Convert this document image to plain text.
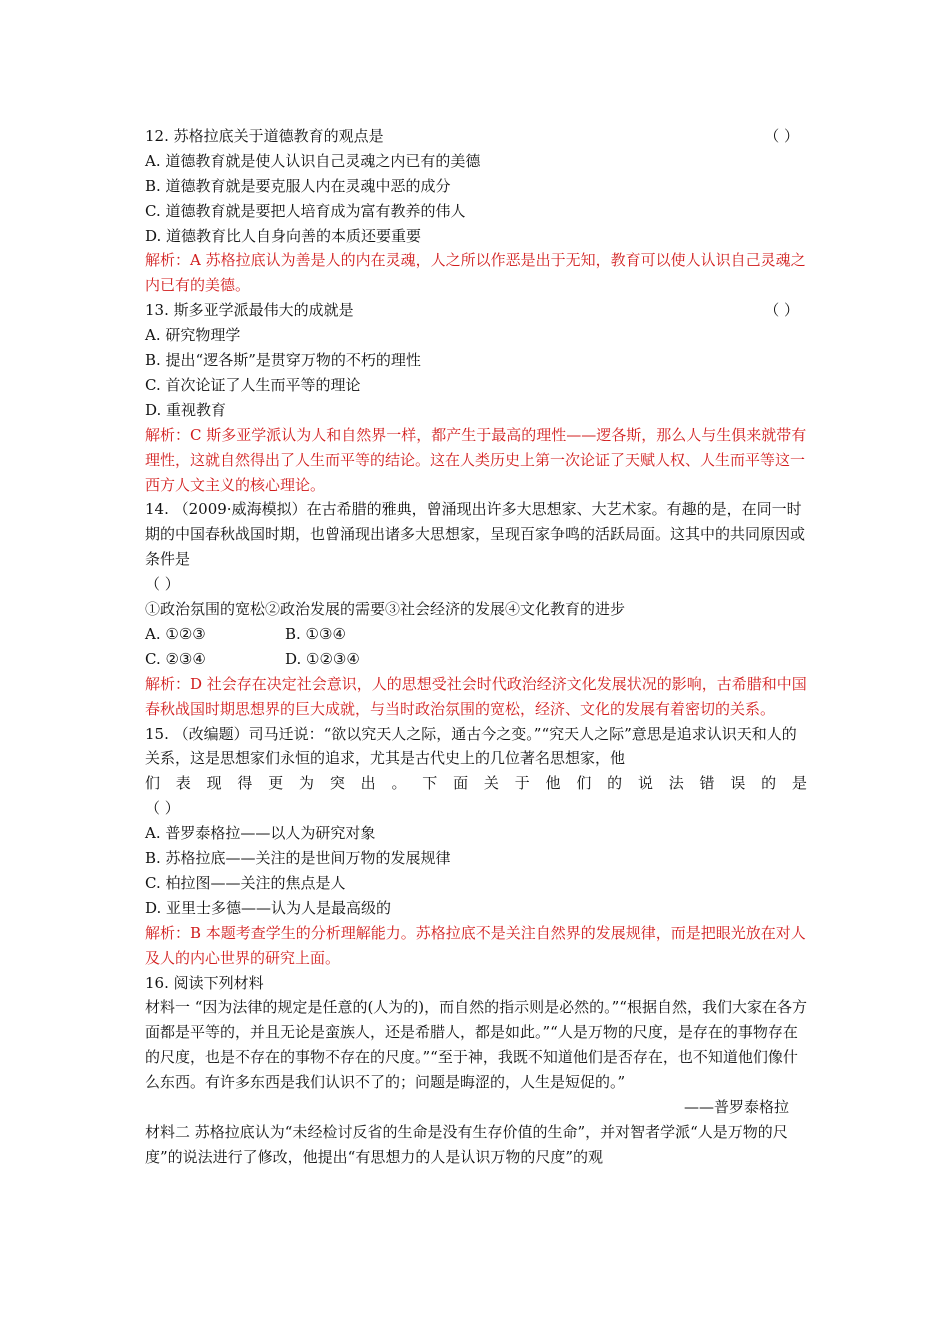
12. 苏格拉底关于道德教育的观点是	（ ）
A. 道德教育就是使人认识自己灵魂之内已有的美德
B. 道德教育就是要克服人内在灵魂中恶的成分
C. 道德教育就是要把人培育成为富有教养的伟人
D. 道德教育比人自身向善的本质还要重要
解析：A 苏格拉底认为善是人的内在灵魂，人之所以作恶是出于无知，教育可以使人认识自己灵魂之内已有的美德。
13. 斯多亚学派最伟大的成就是	（ ）
A. 研究物理学
B. 提出“逻各斯”是贯穿万物的不朽的理性
C. 首次论证了人生而平等的理论
D. 重视教育
解析：C 斯多亚学派认为人和自然界一样，都产生于最高的理性——逻各斯，那么人与生俱来就带有理性，这就自然得出了人生而平等的结论。这在人类历史上第一次论证了天赋人权、人生而平等这一西方人文主义的核心理论。
14. （2009·威海模拟）在古希腊的雅典，曾涌现出许多大思想家、大艺术家。有趣的是，在同一时期的中国春秋战国时期，也曾涌现出诸多大思想家，呈现百家争鸣的活跃局面。这其中的共同原因或条件是
（ ）
①政治氛围的宽松②政治发展的需要③社会经济的发展④文化教育的进步
A. ①②③	B. ①③④
C. ②③④	D. ①②③④
解析：D 社会存在决定社会意识，人的思想受社会时代政治经济文化发展状况的影响，古希腊和中国春秋战国时期思想界的巨大成就，与当时政治氛围的宽松，经济、文化的发展有着密切的关系。
15. （改编题）司马迁说：“欲以究天人之际，通古今之变。”“究天人之际”意思是追求认识天和人的关系，这是思想家们永恒的追求，尤其是古代史上的几位著名思想家，他
们表现得更为突出。下面关于他们的说法错误的是
（ ）
A. 普罗泰格拉——以人为研究对象
B. 苏格拉底——关注的是世间万物的发展规律
C. 柏拉图——关注的焦点是人
D. 亚里士多德——认为人是最高级的
解析：B 本题考查学生的分析理解能力。苏格拉底不是关注自然界的发展规律，而是把眼光放在对人及人的内心世界的研究上面。
16. 阅读下列材料
材料一 “因为法律的规定是任意的(人为的)，而自然的指示则是必然的。”“根据自然，我们大家在各方面都是平等的，并且无论是蛮族人，还是希腊人，都是如此。”“人是万物的尺度，是存在的事物存在的尺度，也是不存在的事物不存在的尺度。”“至于神，我既不知道他们是否存在，也不知道他们像什么东西。有许多东西是我们认识不了的；问题是晦涩的，人生是短促的。”
——普罗泰格拉
材料二 苏格拉底认为“未经检讨反省的生命是没有生存价值的生命”，并对智者学派“人是万物的尺度”的说法进行了修改，他提出“有思想力的人是认识万物的尺度”的观
